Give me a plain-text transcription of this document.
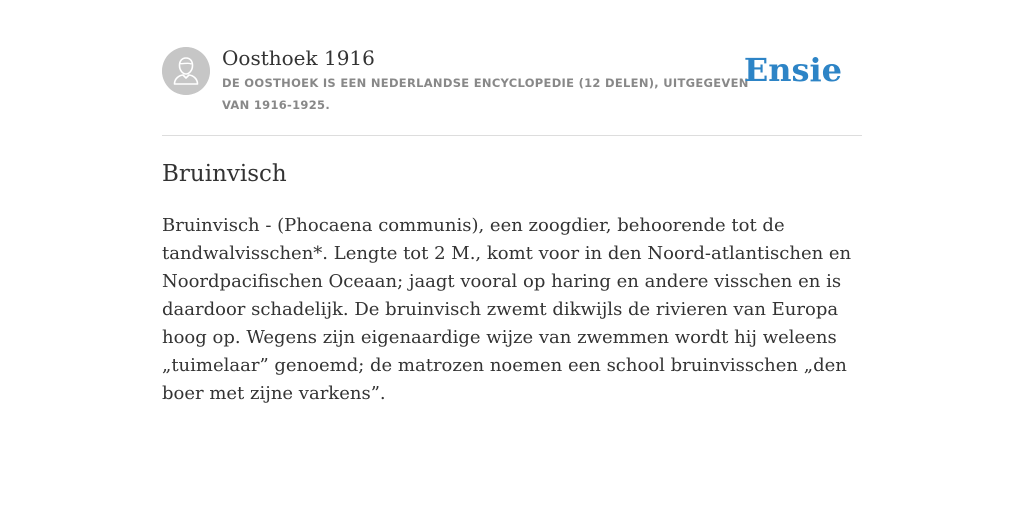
Oosthoek 1916

DE OOSTHOEK IS EEN NEDERLANDSE ENCYCLOPEDIE (12 DELEN), UITGEGEVEN VAN 1916-1925.

Ensie
Bruinvisch

Bruinvisch - (Phocaena communis), een zoogdier, behoorende tot de tandwalvisschen*. Lengte tot 2 M., komt voor in den Noord-atlantischen en Noordpacifischen Oceaan; jaagt vooral op haring en andere visschen en is daardoor schadelijk. De bruinvisch zwemt dikwijls de rivieren van Europa hoog op. Wegens zijn eigenaardige wijze van zwemmen wordt hij weleens „tuimelaar” genoemd; de matrozen noemen een school bruinvisschen „den boer met zijne varkens”.
